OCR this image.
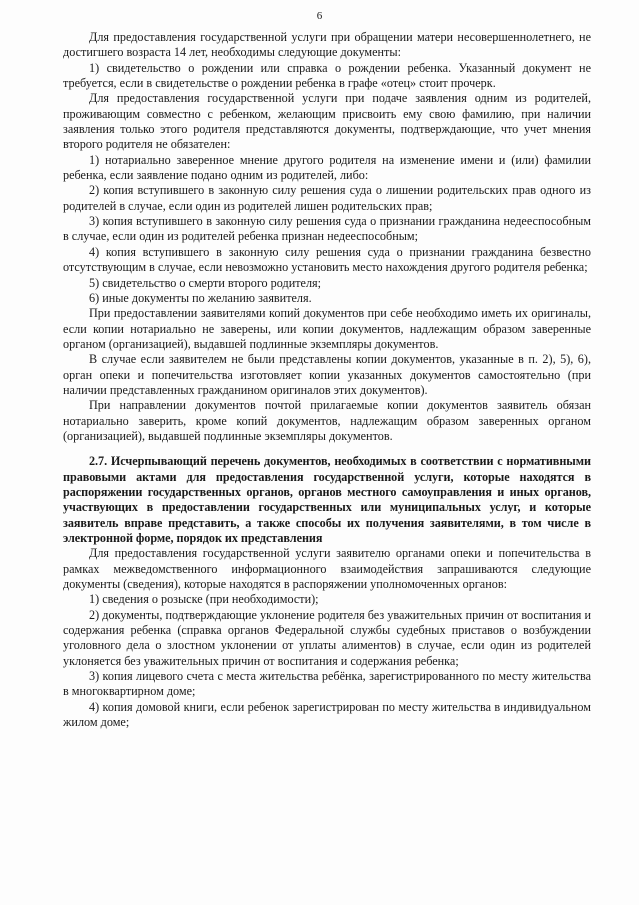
6

Для предоставления государственной услуги при обращении матери несовершеннолетнего, не достигшего возраста 14 лет, необходимы следующие документы:

1) свидетельство о рождении или справка о рождении ребенка. Указанный документ не требуется, если в свидетельстве о рождении ребенка в графе «отец» стоит прочерк.

Для предоставления государственной услуги при подаче заявления одним из родителей, проживающим совместно с ребенком, желающим присвоить ему свою фамилию, при наличии заявления только этого родителя представляются документы, подтверждающие, что учет мнения второго родителя не обязателен:

1) нотариально заверенное мнение другого родителя на изменение имени и (или) фамилии ребенка, если заявление подано одним из родителей, либо:

2) копия вступившего в законную силу решения суда о лишении родительских прав одного из родителей в случае, если один из родителей лишен родительских прав;

3) копия вступившего в законную силу решения суда о признании гражданина недееспособным в случае, если один из родителей ребенка признан недееспособным;

4) копия вступившего в законную силу решения суда о признании гражданина безвестно отсутствующим в случае, если невозможно установить место нахождения другого родителя ребенка;

5) свидетельство о смерти второго родителя;

6) иные документы по желанию заявителя.

При предоставлении заявителями копий документов при себе необходимо иметь их оригиналы, если копии нотариально не заверены, или копии документов, надлежащим образом заверенные органом (организацией), выдавшей подлинные экземпляры документов.

В случае если заявителем не были представлены копии документов, указанные в п. 2), 5), 6), орган опеки и попечительства изготовляет копии указанных документов самостоятельно (при наличии представленных гражданином оригиналов этих документов).

При направлении документов почтой прилагаемые копии документов заявитель обязан нотариально заверить, кроме копий документов, надлежащим образом заверенных органом (организацией), выдавшей подлинные экземпляры документов.

2.7. Исчерпывающий перечень документов, необходимых в соответствии с нормативными правовыми актами для предоставления государственной услуги, которые находятся в распоряжении государственных органов, органов местного самоуправления и иных органов, участвующих в предоставлении государственных или муниципальных услуг, и которые заявитель вправе представить, а также способы их получения заявителями, в том числе в электронной форме, порядок их представления

Для предоставления государственной услуги заявителю органами опеки и попечительства в рамках межведомственного информационного взаимодействия запрашиваются следующие документы (сведения), которые находятся в распоряжении уполномоченных органов:

1) сведения о розыске (при необходимости);

2) документы, подтверждающие уклонение родителя без уважительных причин от воспитания и содержания ребенка (справка органов Федеральной службы судебных приставов о возбуждении уголовного дела о злостном уклонении от уплаты алиментов) в случае, если один из родителей уклоняется без уважительных причин от воспитания и содержания ребенка;

3) копия лицевого счета с места жительства ребёнка, зарегистрированного по месту жительства в многоквартирном доме;

4) копия домовой книги, если ребенок зарегистрирован по месту жительства в индивидуальном жилом доме;
